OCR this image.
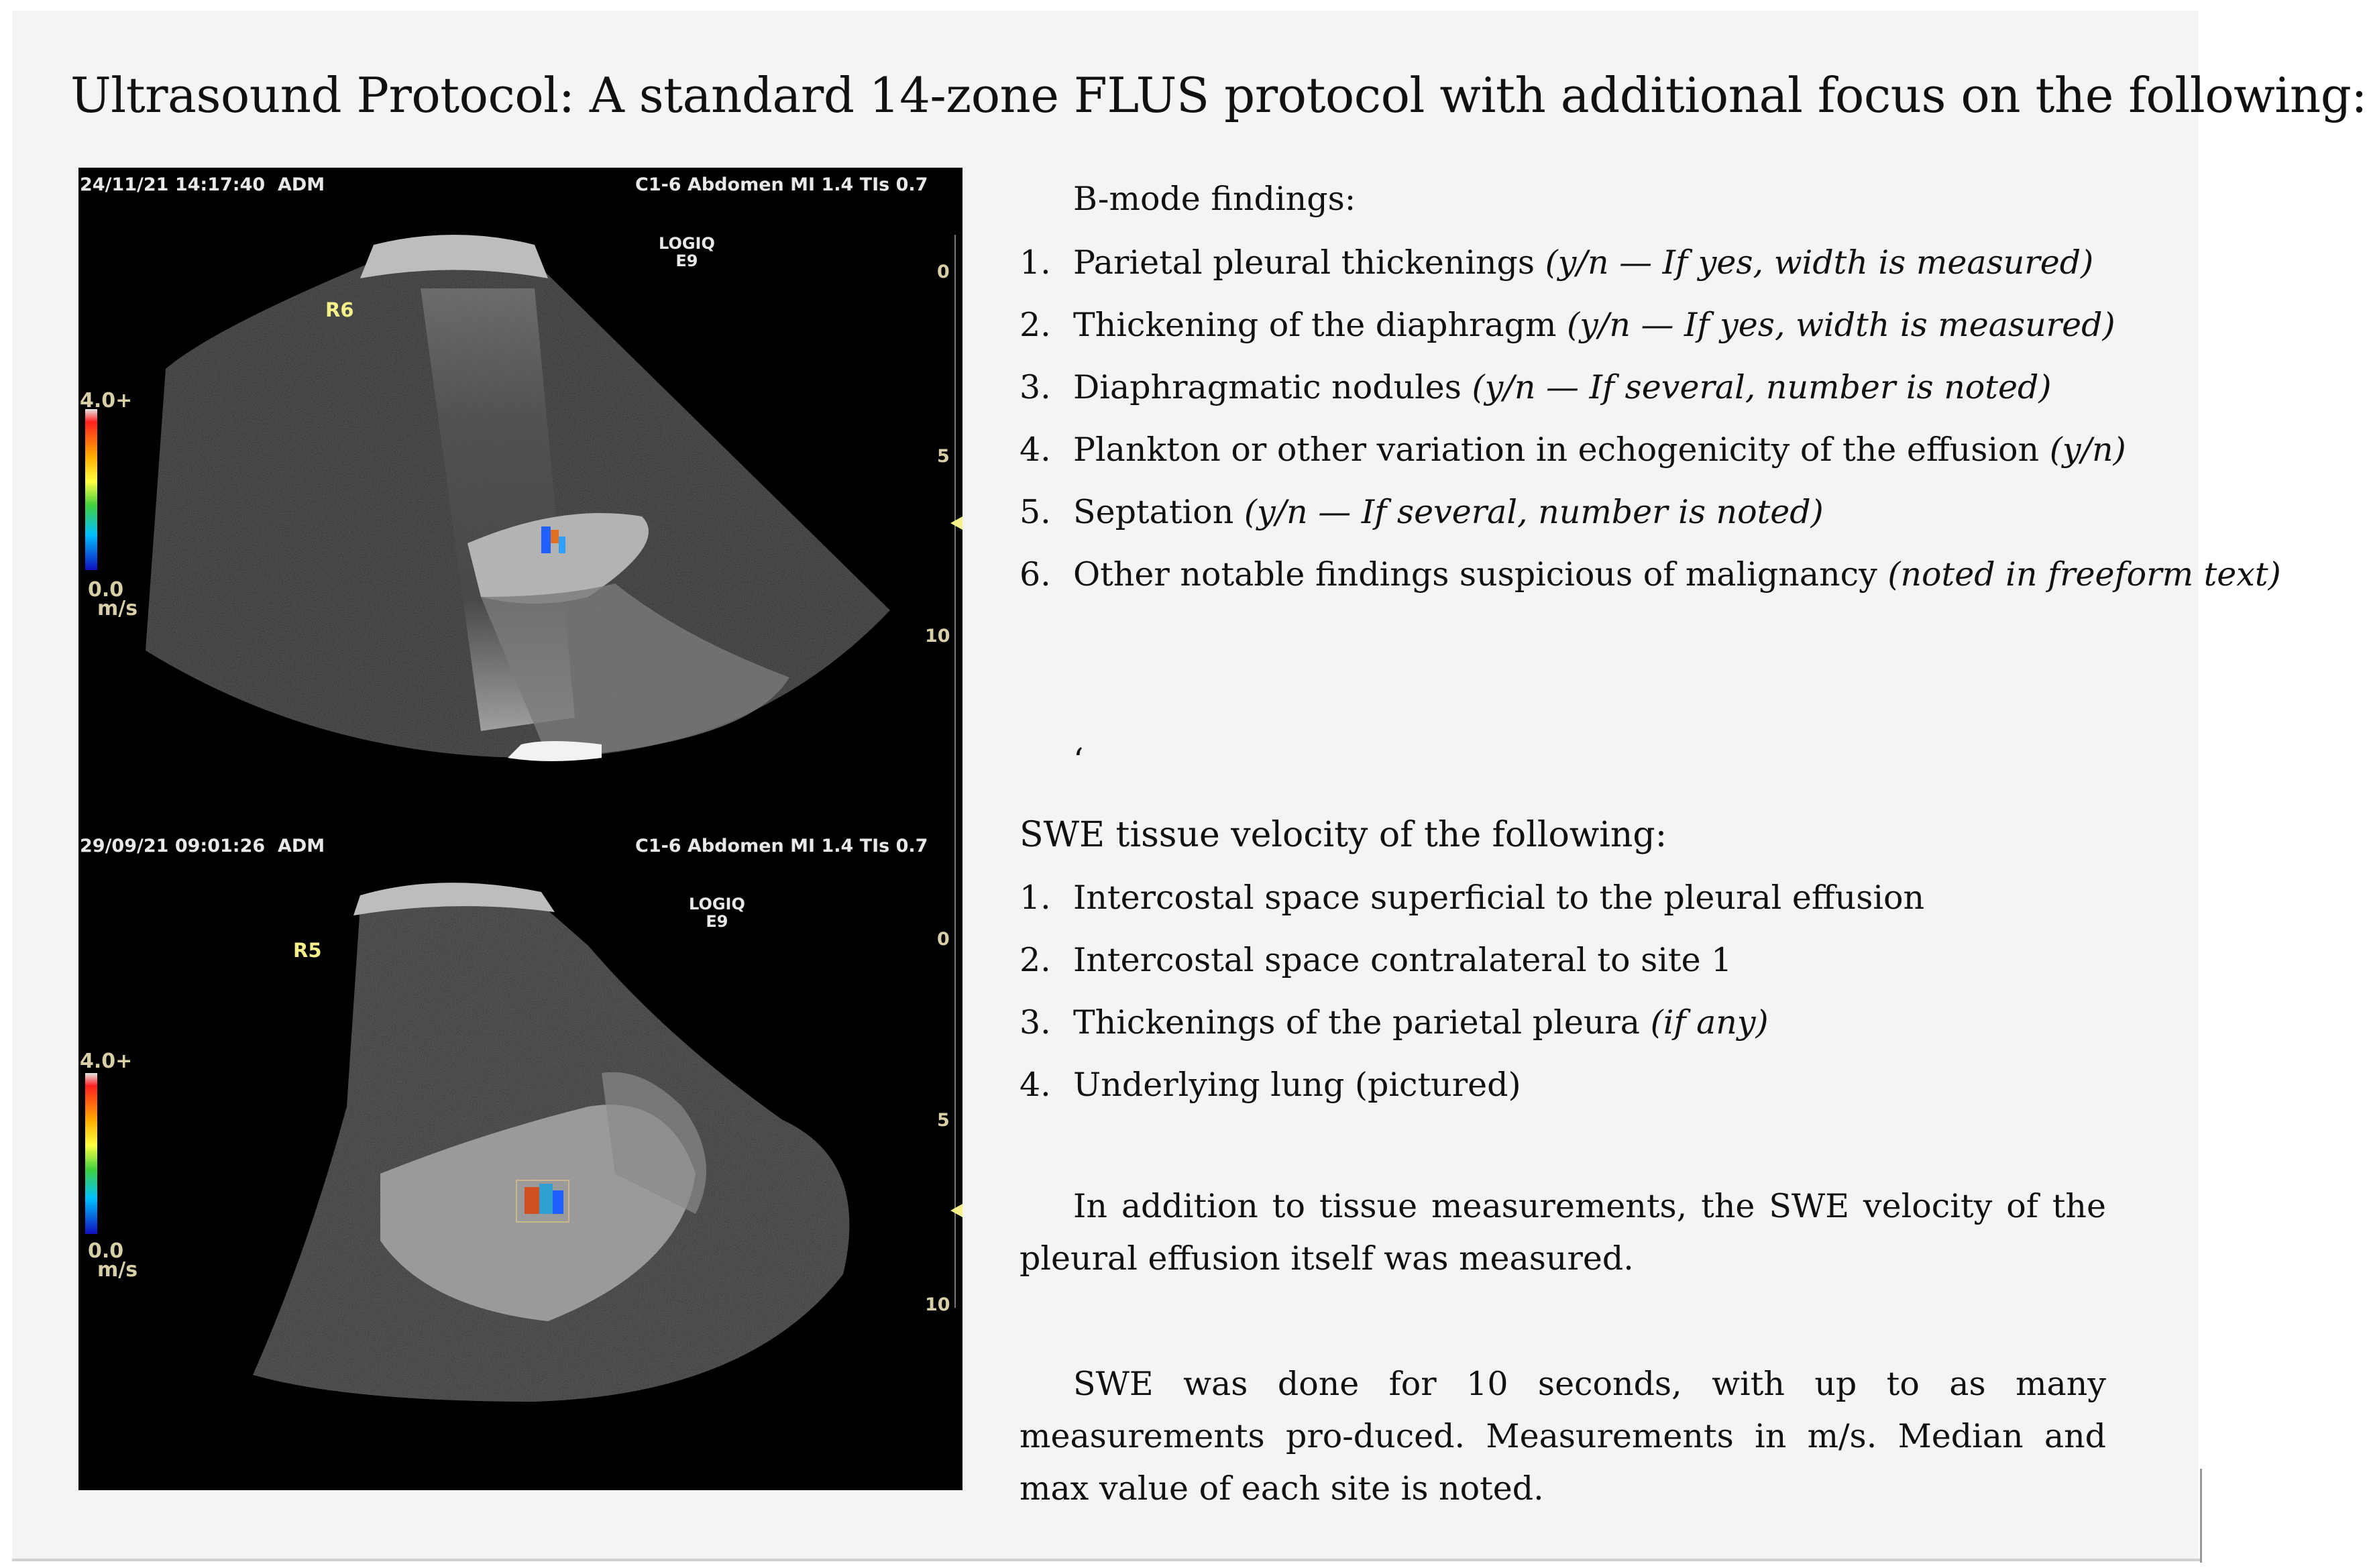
Ultrasound Protocol: A standard 14-zone FLUS protocol with additional focus on the following:
24/11/21 14:17:40 ADM	C1-6 Abdomen MI 1.4 TIs 0.7
LOGIQ
E9
R6
4.0+
0.0
m/s
0
5
10
29/09/21 09:01:26 ADM	C1-6 Abdomen MI 1.4 TIs 0.7
LOGIQ
E9
R5
4.0+
0.0
m/s
0
5
10
B-mode findings:
1. Parietal pleural thickenings (y/n — If yes, width is measured)
2. Thickening of the diaphragm (y/n — If yes, width is measured)
3. Diaphragmatic nodules (y/n — If several, number is noted)
4. Plankton or other variation in echogenicity of the effusion (y/n)
5. Septation (y/n — If several, number is noted)
6. Other notable findings suspicious of malignancy (noted in freeform text)
‘
SWE tissue velocity of the following:
1. Intercostal space superficial to the pleural effusion
2. Intercostal space contralateral to site 1
3. Thickenings of the parietal pleura (if any)
4. Underlying lung (pictured)
In addition to tissue measurements, the SWE velocity of the pleural effusion itself was measured.
SWE was done for 10 seconds, with up to as many measurements pro-duced. Measurements in m/s. Median and max value of each site is noted.
